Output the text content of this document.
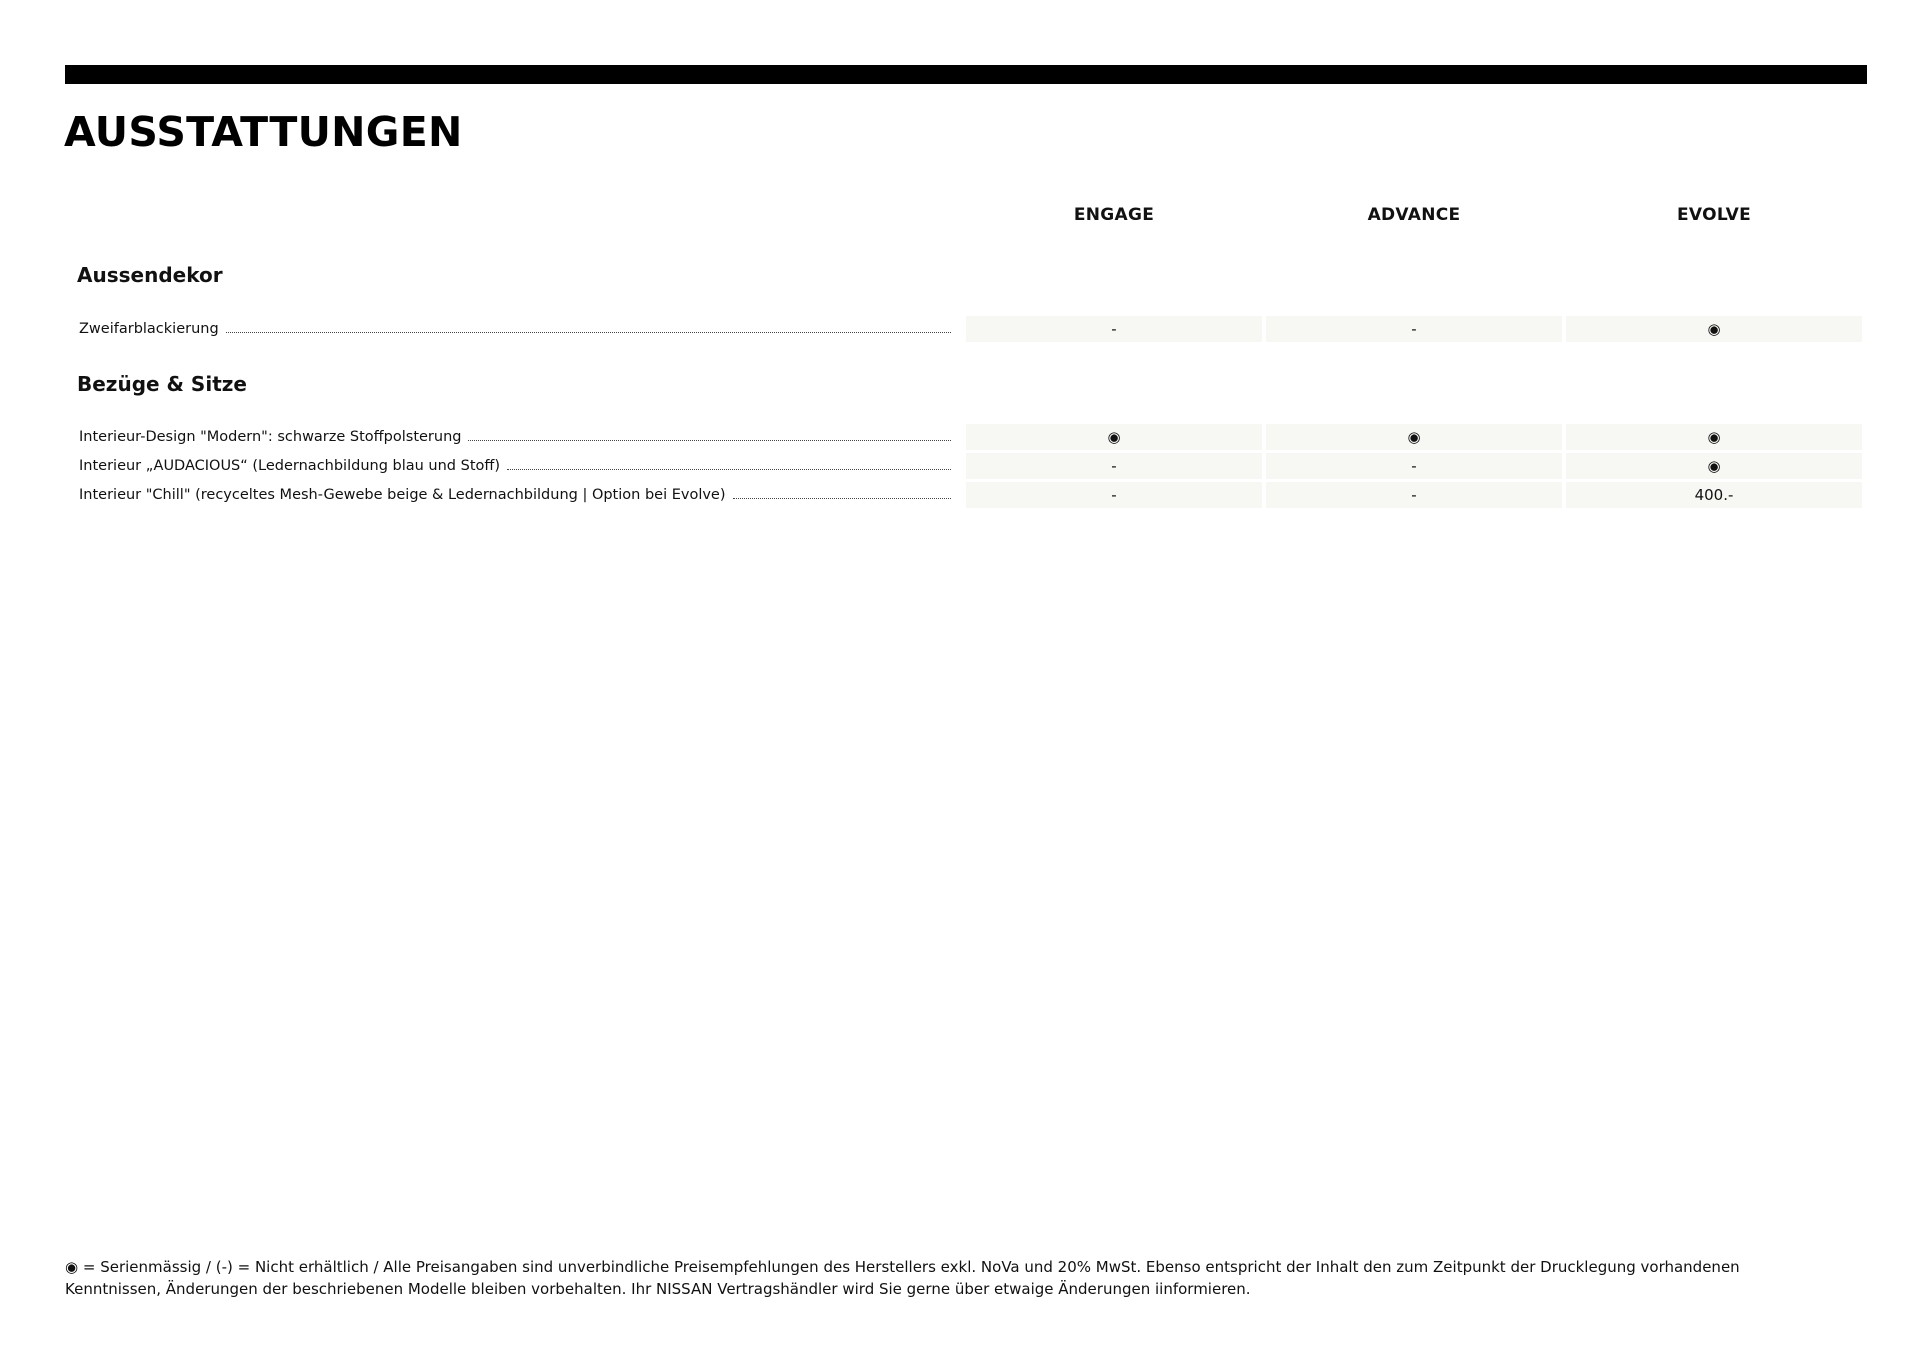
AUSSTATTUNGEN
ENGAGE	ADVANCE	EVOLVE
Aussendekor
Zweifarblackierung	-	-	◉
Bezüge & Sitze
Interieur-Design "Modern": schwarze Stoffpolsterung	◉	◉	◉
Interieur „AUDACIOUS“ (Ledernachbildung blau und Stoff)	-	-	◉
Interieur "Chill" (recyceltes Mesh-Gewebe beige & Ledernachbildung | Option bei Evolve)	-	-	400.-

◉ = Serienmässig / (-) = Nicht erhältlich / Alle Preisangaben sind unverbindliche Preisempfehlungen des Herstellers exkl. NoVa und 20% MwSt. Ebenso entspricht der Inhalt den zum Zeitpunkt der Drucklegung vorhandenen
Kenntnissen, Änderungen der beschriebenen Modelle bleiben vorbehalten. Ihr NISSAN Vertragshändler wird Sie gerne über etwaige Änderungen iinformieren.
